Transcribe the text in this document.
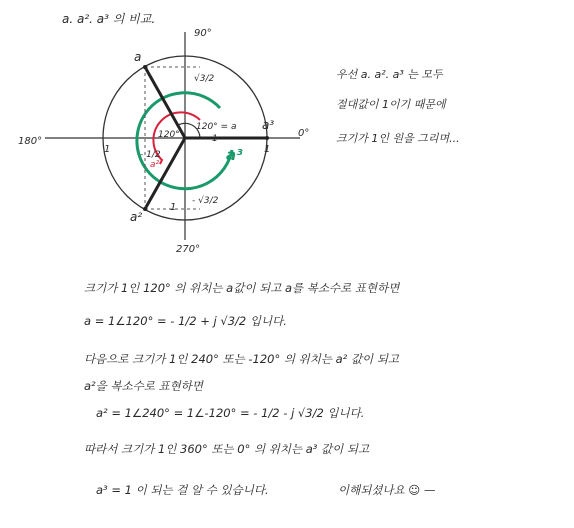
a. a². a³ 의 비교.
90°
180°
0°
270°
a
a²
a³
a³
a²
1	1
1
1
- 1/2
√3/2
- √3/2
120°
120° = a
우선 a. a². a³ 는 모두
절대값이 1이기 때문에
크기가 1인 원을 그리며...
크기가 1인 120° 의 위치는 a값이 되고 a를 복소수로 표현하면
a = 1∠120° = - 1/2 + j √3/2 입니다.
다음으로 크기가 1인 240° 또는 -120° 의 위치는 a² 값이 되고
a²을 복소수로 표현하면
a² = 1∠240° = 1∠-120° = - 1/2 - j √3/2 입니다.
따라서 크기가 1인 360° 또는 0° 의 위치는 a³ 값이 되고
a³ = 1 이 되는 걸 알 수 있습니다.	이해되셨나요 ☺ —
